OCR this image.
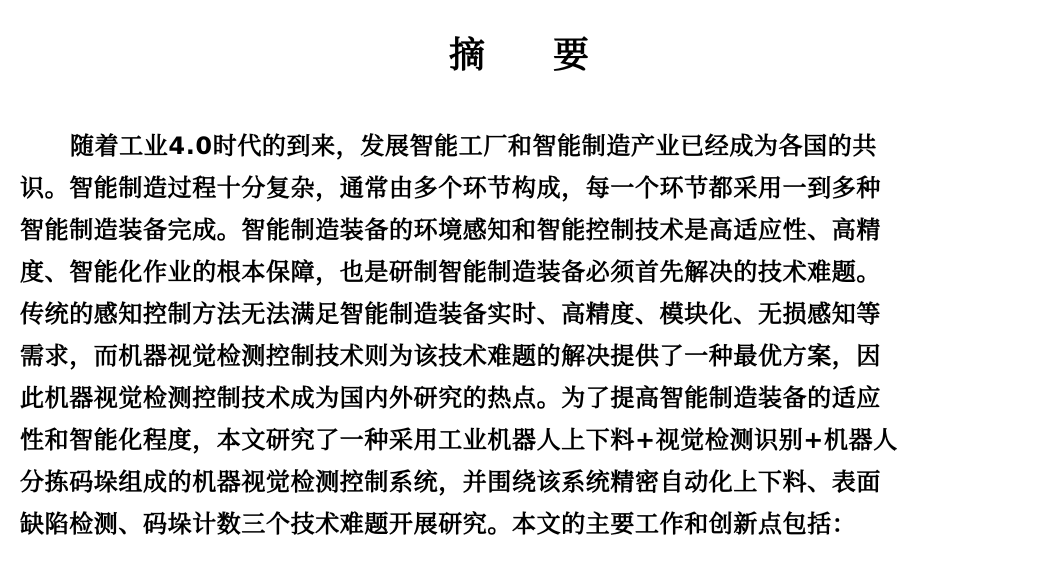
摘 要
随着工业4.0时代的到来，发展智能工厂和智能制造产业已经成为各国的共
识。智能制造过程十分复杂，通常由多个环节构成，每一个环节都采用一到多种
智能制造装备完成。智能制造装备的环境感知和智能控制技术是高适应性、高精
度、智能化作业的根本保障，也是研制智能制造装备必须首先解决的技术难题。
传统的感知控制方法无法满足智能制造装备实时、高精度、模块化、无损感知等
需求，而机器视觉检测控制技术则为该技术难题的解决提供了一种最优方案，因
此机器视觉检测控制技术成为国内外研究的热点。为了提高智能制造装备的适应
性和智能化程度，本文研究了一种采用工业机器人上下料+视觉检测识别+机器人
分拣码垛组成的机器视觉检测控制系统，并围绕该系统精密自动化上下料、表面
缺陷检测、码垛计数三个技术难题开展研究。本文的主要工作和创新点包括：
